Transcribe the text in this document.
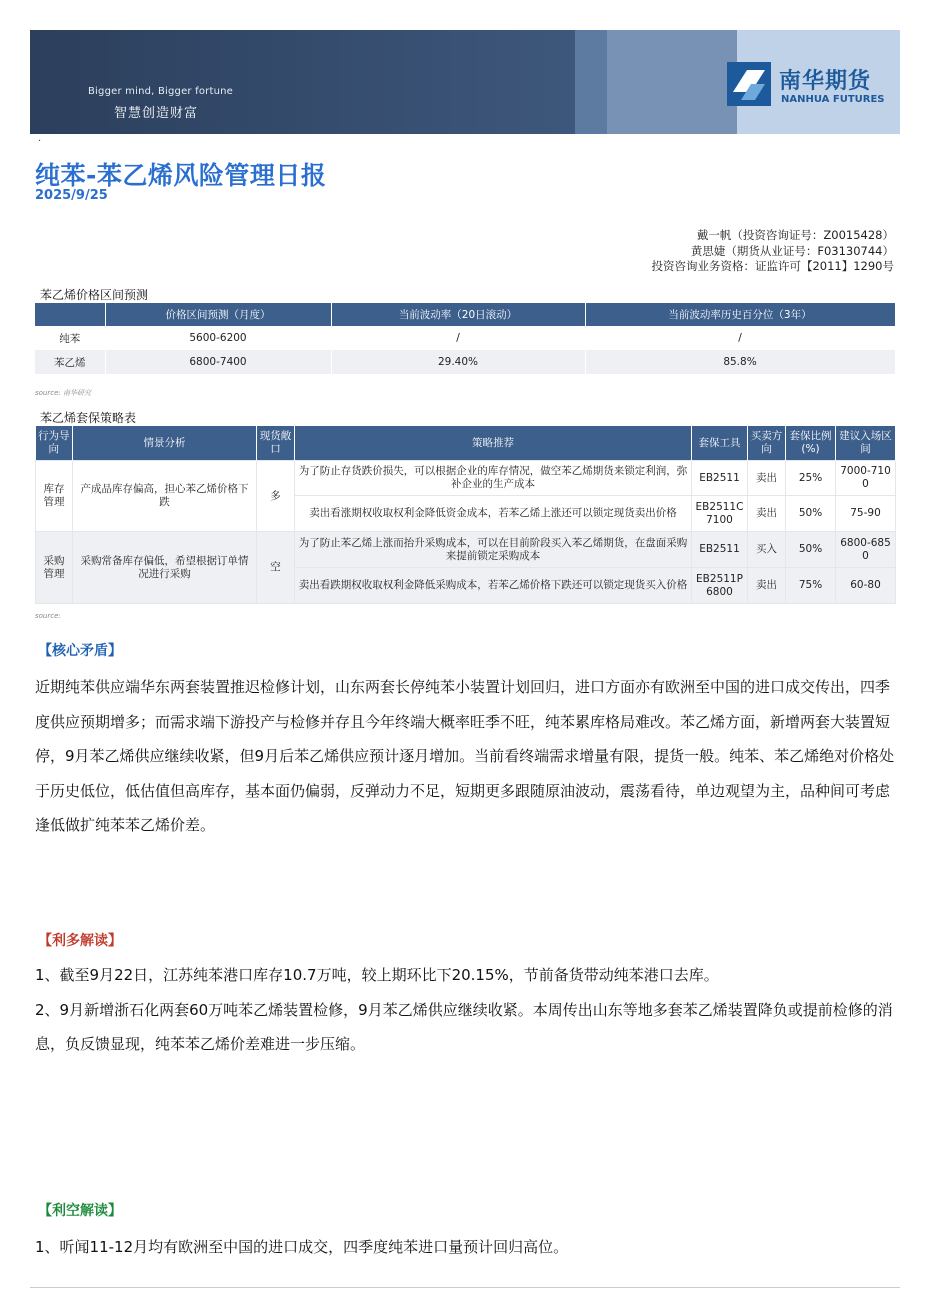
Bigger mind, Bigger fortune
智慧创造财富
南华期货
NANHUA FUTURES
·
纯苯-苯乙烯风险管理日报
2025/9/25
戴一帆（投资咨询证号：Z0015428）
黄思婕（期货从业证号：F03130744）
投资咨询业务资格：证监许可【2011】1290号
苯乙烯价格区间预测
	价格区间预测（月度）	当前波动率（20日滚动）	当前波动率历史百分位（3年）
纯苯	5600-6200	/	/
苯乙烯	6800-7400	29.40%	85.8%

source: 南华研究
苯乙烯套保策略表
行为导向	情景分析	现货敞口	策略推荐	套保工具	买卖方向	套保比例(%)	建议入场区间
库存管理	产成品库存偏高，担心苯乙烯价格下跌	多	为了防止存货跌价损失，可以根据企业的库存情况，做空苯乙烯期货来锁定利润，弥补企业的生产成本	EB2511	卖出	25%	7000-7100
			卖出看涨期权收取权利金降低资金成本，若苯乙烯上涨还可以锁定现货卖出价格	EB2511C7100	卖出	50%	75-90
采购管理	采购常备库存偏低，希望根据订单情况进行采购	空	为了防止苯乙烯上涨而抬升采购成本，可以在目前阶段买入苯乙烯期货，在盘面采购来提前锁定采购成本	EB2511	买入	50%	6800-6850
			卖出看跌期权收取权利金降低采购成本，若苯乙烯价格下跌还可以锁定现货买入价格	EB2511P6800	卖出	75%	60-80
source:
【核心矛盾】
近期纯苯供应端华东两套装置推迟检修计划，山东两套长停纯苯小装置计划回归，进口方面亦有欧洲至中国的进口成交传出，四季度供应预期增多；而需求端下游投产与检修并存且今年终端大概率旺季不旺，纯苯累库格局难改。苯乙烯方面，新增两套大装置短停，9月苯乙烯供应继续收紧，但9月后苯乙烯供应预计逐月增加。当前看终端需求增量有限，提货一般。纯苯、苯乙烯绝对价格处于历史低位，低估值但高库存，基本面仍偏弱，反弹动力不足，短期更多跟随原油波动，震荡看待，单边观望为主，品种间可考虑逢低做扩纯苯苯乙烯价差。
【利多解读】
1、截至9月22日，江苏纯苯港口库存10.7万吨，较上期环比下20.15%，节前备货带动纯苯港口去库。
2、9月新增浙石化两套60万吨苯乙烯装置检修，9月苯乙烯供应继续收紧。本周传出山东等地多套苯乙烯装置降负或提前检修的消息，负反馈显现，纯苯苯乙烯价差难进一步压缩。
【利空解读】
1、听闻11-12月均有欧洲至中国的进口成交，四季度纯苯进口量预计回归高位。
